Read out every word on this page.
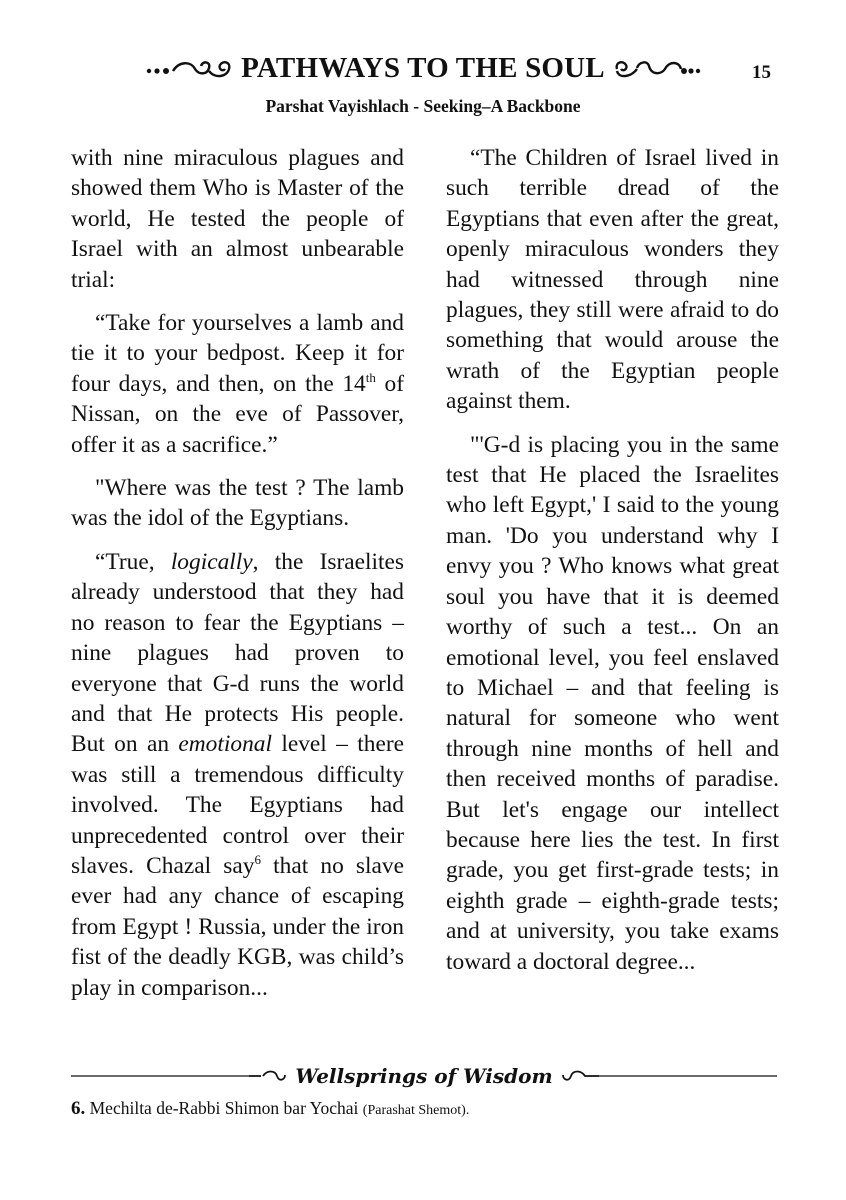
PATHWAYS TO THE SOUL	15
Parshat Vayishlach - Seeking–A Backbone

with nine miraculous plagues and showed them Who is Master of the world, He tested the people of Israel with an almost unbearable trial:

“Take for yourselves a lamb and tie it to your bedpost. Keep it for four days, and then, on the 14th of Nissan, on the eve of Passover, offer it as a sacrifice.”

"Where was the test ? The lamb was the idol of the Egyptians.

“True, logically, the Israelites already understood that they had no reason to fear the Egyptians – nine plagues had proven to everyone that G-d runs the world and that He protects His people. But on an emotional level – there was still a tremendous difficulty involved. The Egyptians had unprecedented control over their slaves. Chazal say$^6$ that no slave ever had any chance of escaping from Egypt ! Russia, under the iron fist of the deadly KGB, was child’s play in comparison...

“The Children of Israel lived in such terrible dread of the Egyptians that even after the great, openly miraculous wonders they had witnessed through nine plagues, they still were afraid to do something that would arouse the wrath of the Egyptian people against them.

"'G-d is placing you in the same test that He placed the Israelites who left Egypt,' I said to the young man. 'Do you understand why I envy you ? Who knows what great soul you have that it is deemed worthy of such a test... On an emotional level, you feel enslaved to Michael – and that feeling is natural for someone who went through nine months of hell and then received months of paradise. But let's engage our intellect because here lies the test. In first grade, you get first-grade tests; in eighth grade – eighth-grade tests; and at university, you take exams toward a doctoral degree...

Wellsprings of Wisdom
6. Mechilta de-Rabbi Shimon bar Yochai (Parashat Shemot).
